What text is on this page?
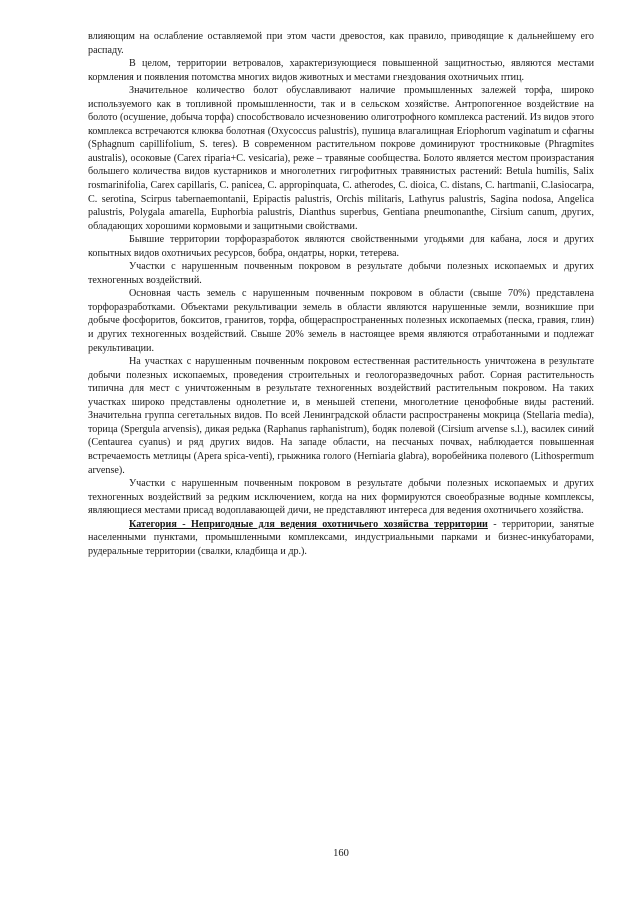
влияющим на ослабление оставляемой при этом части древостоя, как правило, приводящие к дальнейшему его распаду.

В целом, территории ветровалов, характеризующиеся повышенной защитностью, являются местами кормления и появления потомства многих видов животных и местами гнездования охотничьих птиц.

Значительное количество болот обуславливают наличие промышленных залежей торфа, широко используемого как в топливной промышленности, так и в сельском хозяйстве. Антропогенное воздействие на болото (осушение, добыча торфа) способствовало исчезновению олиготрофного комплекса растений. Из видов этого комплекса встречаются клюква болотная (Oxycoccus palustris), пушица влагалищная Eriophorum vaginatum и сфагны (Sphagnum capillifolium, S. teres). В современном растительном покрове доминируют тростниковые (Phragmites australis), осоковые (Carex riparia+C. vesicaria), реже – травяные сообщества. Болото является местом произрастания большего количества видов кустарников и многолетних гигрофитных травянистых растений: Betula humilis, Salix rosmarinifolia, Carex capillaris, C. panicea, C. appropinquata, C. atherodes, C. dioica, C. distans, C. hartmanii, C.lasiocarpa, C. serotina, Scirpus tabernaemontanii, Epipactis palustris, Orchis militaris, Lathyrus palustris, Sagina nodosa, Angelica palustris, Polygala amarella, Euphorbia palustris, Dianthus superbus, Gentiana pneumonanthe, Cirsium canum, других, обладающих хорошими кормовыми и защитными свойствами.

Бывшие территории торфоразработок являются свойственными угодьями для кабана, лося и других копытных видов охотничьих ресурсов, бобра, ондатры, норки, тетерева.

Участки с нарушенным почвенным покровом в результате добычи полезных ископаемых и других техногенных воздействий.

Основная часть земель с нарушенным почвенным покровом в области (свыше 70%) представлена торфоразработками. Объектами рекультивации земель в области являются нарушенные земли, возникшие при добыче фосфоритов, бокситов, гранитов, торфа, общераспространенных полезных ископаемых (песка, гравия, глин) и других техногенных воздействий. Свыше 20% земель в настоящее время являются отработанными и подлежат рекультивации.

На участках с нарушенным почвенным покровом естественная растительность уничтожена в результате добычи полезных ископаемых, проведения строительных и геологоразведочных работ. Сорная растительность типична для мест с уничтоженным в результате техногенных воздействий растительным покровом. На таких участках широко представлены однолетние и, в меньшей степени, многолетние ценофобные виды растений. Значительна группа сегетальных видов. По всей Ленинградской области распространены мокрица (Stellaria media), торица (Spergula arvensis), дикая редька (Raphanus raphanistrum), бодяк полевой (Cirsium arvense s.l.), василек синий (Centaurea cyanus) и ряд других видов. На западе области, на песчаных почвах, наблюдается повышенная встречаемость метлицы (Apera spica-venti), грыжника голого (Herniaria glabra), воробейника полевого (Lithospermum arvense).

Участки с нарушенным почвенным покровом в результате добычи полезных ископаемых и других техногенных воздействий за редким исключением, когда на них формируются своеобразные водные комплексы, являющиеся местами присад водоплавающей дичи, не представляют интереса для ведения охотничьего хозяйства.

Категория - Непригодные для ведения охотничьего хозяйства территории - территории, занятые населенными пунктами, промышленными комплексами, индустриальными парками и бизнес-инкубаторами, рудеральные территории (свалки, кладбища и др.).

160
